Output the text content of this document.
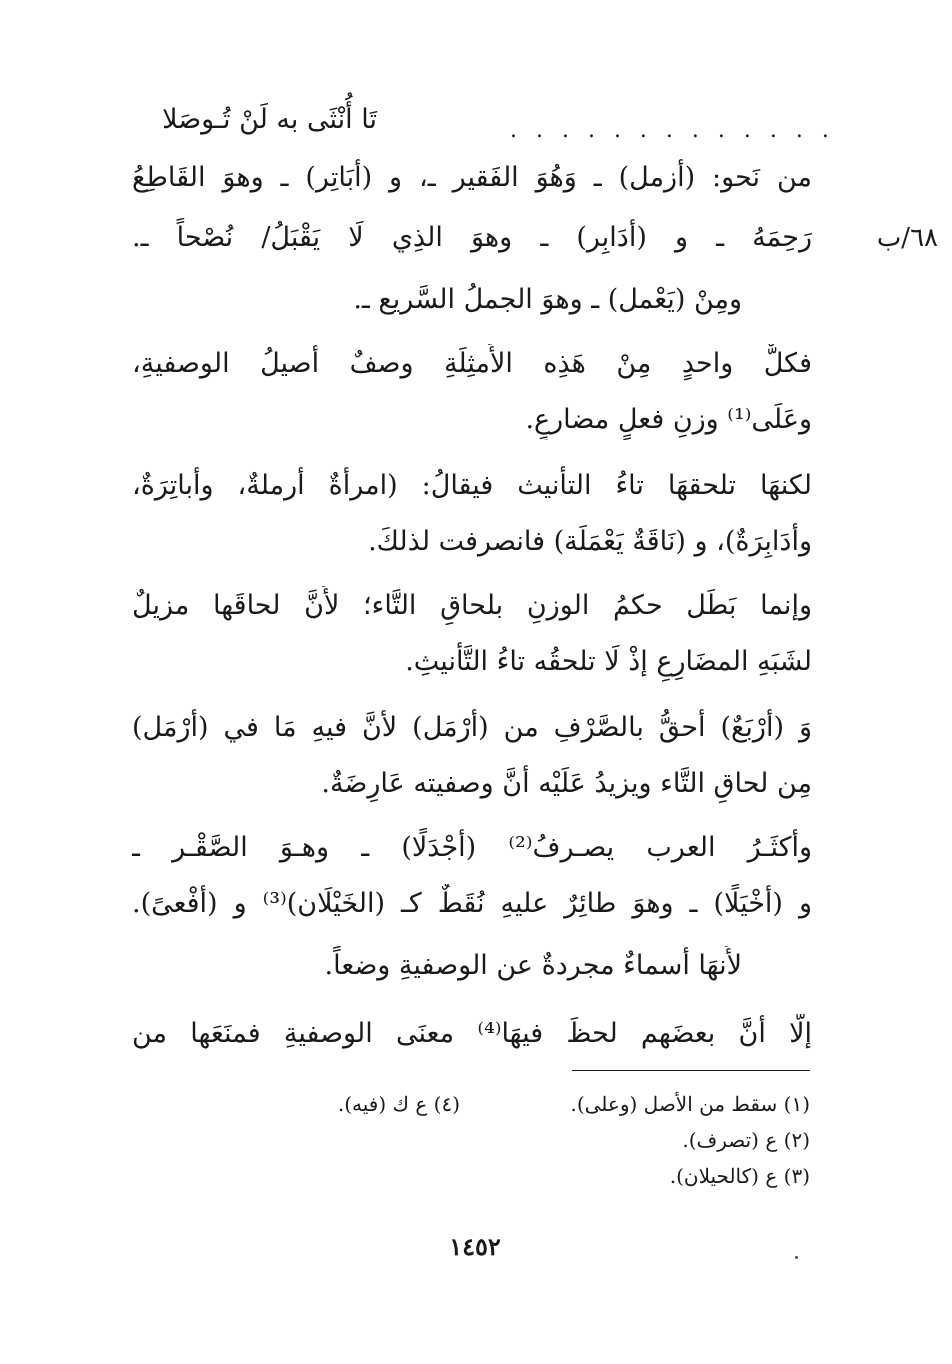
تَا أُنْثَى به لَنْ تُـوصَلا	. . . . . . . . . . . . .
٦٨/ب
من نَحو: (أَزمل) ـ وَهُوَ الفَقير ـ، و (أَبَاتِر) ـ وهوَ القَاطِعُ
رَحِمَهُ ـ و (أَدَابِر) ـ وهوَ الذِي لَا يَقْبَلُ/ نُصْحاً ـ.
ومِنْ (يَعْمل) ـ وهوَ الجملُ السَّريع ـ.
فكلٌّ واحدٍ مِنْ هَذِه الأَمثِلَةِ وصفٌ أصيلُ الوصفيةِ،
وعَلَى⁽¹⁾ وزنِ فعلٍ مضارعٍ.
لكنهَا تلحقهَا تاءُ التأنيث فيقالُ: (امرأةٌ أرملةٌ، وأباتِرَةٌ،
وأدَابِرَةٌ)، و (نَاقَةٌ يَعْمَلَة) فانصرفت لذلكَ.
وإنما بَطَل حكمُ الوزنِ بلحاقِ التَّاء؛ لأَنَّ لحاقَها مزيلٌ
لشَبَهِ المضَارِعِ إذْ لَا تلحقُه تاءُ التَّأْنيثِ.
وَ (أَرْبَعٌ) أحقُّ بالصَّرْفِ من (أَرْمَل) لأنَّ فيهِ مَا في (أَرْمَل)
مِن لحاقِ التَّاء ويزيدُ عَلَيْه أَنَّ وصفيته عَارِضَةٌ.
وأكثَـرُ العرب يصـرفُ⁽²⁾ (أَجْدَلًا) ـ وهـوَ الصَّقْـر ـ
و (أَخْيَلًا) ـ وهوَ طائِرٌ عليهِ نُقَطٌ كـ (الخَيْلَان)⁽³⁾ و (أَفْعىً).
لأَنهَا أسماءٌ مجردةٌ عن الوصفيةِ وضعاً.
إلَّا أَنَّ بعضَهم لحظَ فيهَا⁽⁴⁾ معنَى الوصفيةِ فمنَعَها من
(١) سقط من الأصل (وعلى).
(٤) ع ك (فيه).
(٢) ع (تصرف).
(٣) ع (كالحيلان).
١٤٥٢
